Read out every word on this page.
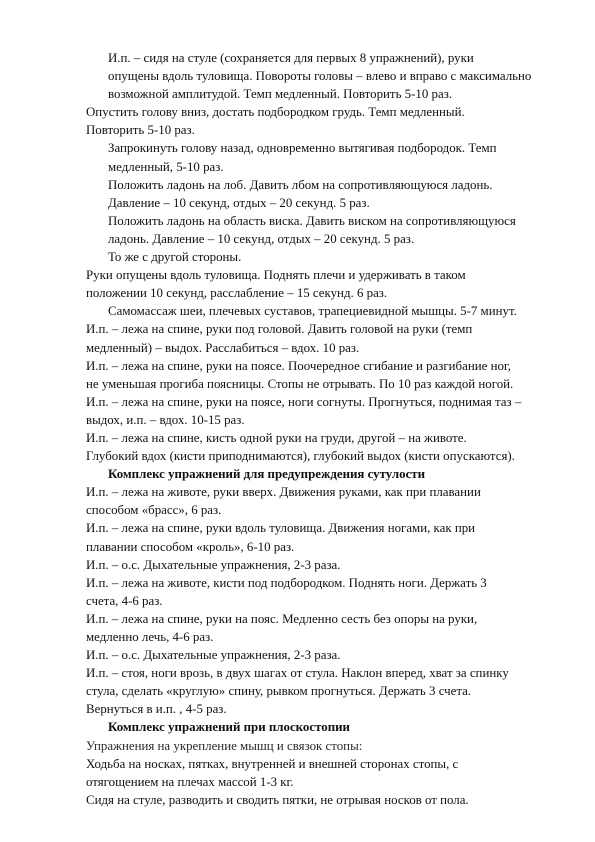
И.п. – сидя на стуле (сохраняется для первых 8 упражнений), руки
опущены вдоль туловища. Повороты головы – влево и вправо с максимально
возможной амплитудой. Темп медленный. Повторить 5-10 раз.

Опустить голову вниз, достать подбородком грудь. Темп медленный.
Повторить 5-10 раз.

Запрокинуть голову назад, одновременно вытягивая подбородок. Темп
медленный, 5-10 раз.

Положить ладонь на лоб. Давить лбом на сопротивляющуюся ладонь.
Давление – 10 секунд, отдых – 20 секунд. 5 раз.

Положить ладонь на область виска. Давить виском на сопротивляющуюся
ладонь. Давление – 10 секунд, отдых – 20 секунд. 5 раз.

То же с другой стороны.

Руки опущены вдоль туловища. Поднять плечи и удерживать в таком
положении 10 секунд, расслабление – 15 секунд. 6 раз.

Самомассаж шеи, плечевых суставов, трапециевидной мышцы. 5-7 минут.

И.п. – лежа на спине, руки под головой. Давить головой на руки (темп
медленный) – выдох. Расслабиться – вдох. 10 раз.

И.п. – лежа на спине, руки на поясе. Поочередное сгибание и разгибание ног,
не уменьшая прогиба поясницы. Стопы не отрывать. По 10 раз каждой ногой.

И.п. – лежа на спине, руки на поясе, ноги согнуты. Прогнуться, поднимая таз –
выдох, и.п. – вдох. 10-15 раз.

И.п. – лежа на спине, кисть одной руки на груди, другой – на животе.
Глубокий вдох (кисти приподнимаются), глубокий выдох (кисти опускаются).

Комплекс упражнений для предупреждения сутулости

И.п. – лежа на животе, руки вверх. Движения руками, как при плавании
способом «брасс», 6 раз.

И.п. – лежа на спине, руки вдоль туловища. Движения ногами, как при
плавании способом «кроль», 6-10 раз.

И.п. – о.с. Дыхательные упражнения, 2-3 раза.

И.п. – лежа на животе, кисти под подбородком. Поднять ноги. Держать 3
счета, 4-6 раз.

И.п. – лежа на спине, руки на пояс. Медленно сесть без опоры на руки,
медленно лечь, 4-6 раз.

И.п. – о.с. Дыхательные упражнения, 2-3 раза.

И.п. – стоя, ноги врозь, в двух шагах от стула. Наклон вперед, хват за спинку
стула, сделать «круглую» спину, рывком прогнуться. Держать 3 счета.
Вернуться в и.п. , 4-5 раз.

Комплекс упражнений при плоскостопии

Упражнения на укрепление мышц и связок стопы:

Ходьба на носках, пятках, внутренней и внешней сторонах стопы, с
отягощением на плечах массой 1-3 кг.

Сидя на стуле, разводить и сводить пятки, не отрывая носков от пола.
